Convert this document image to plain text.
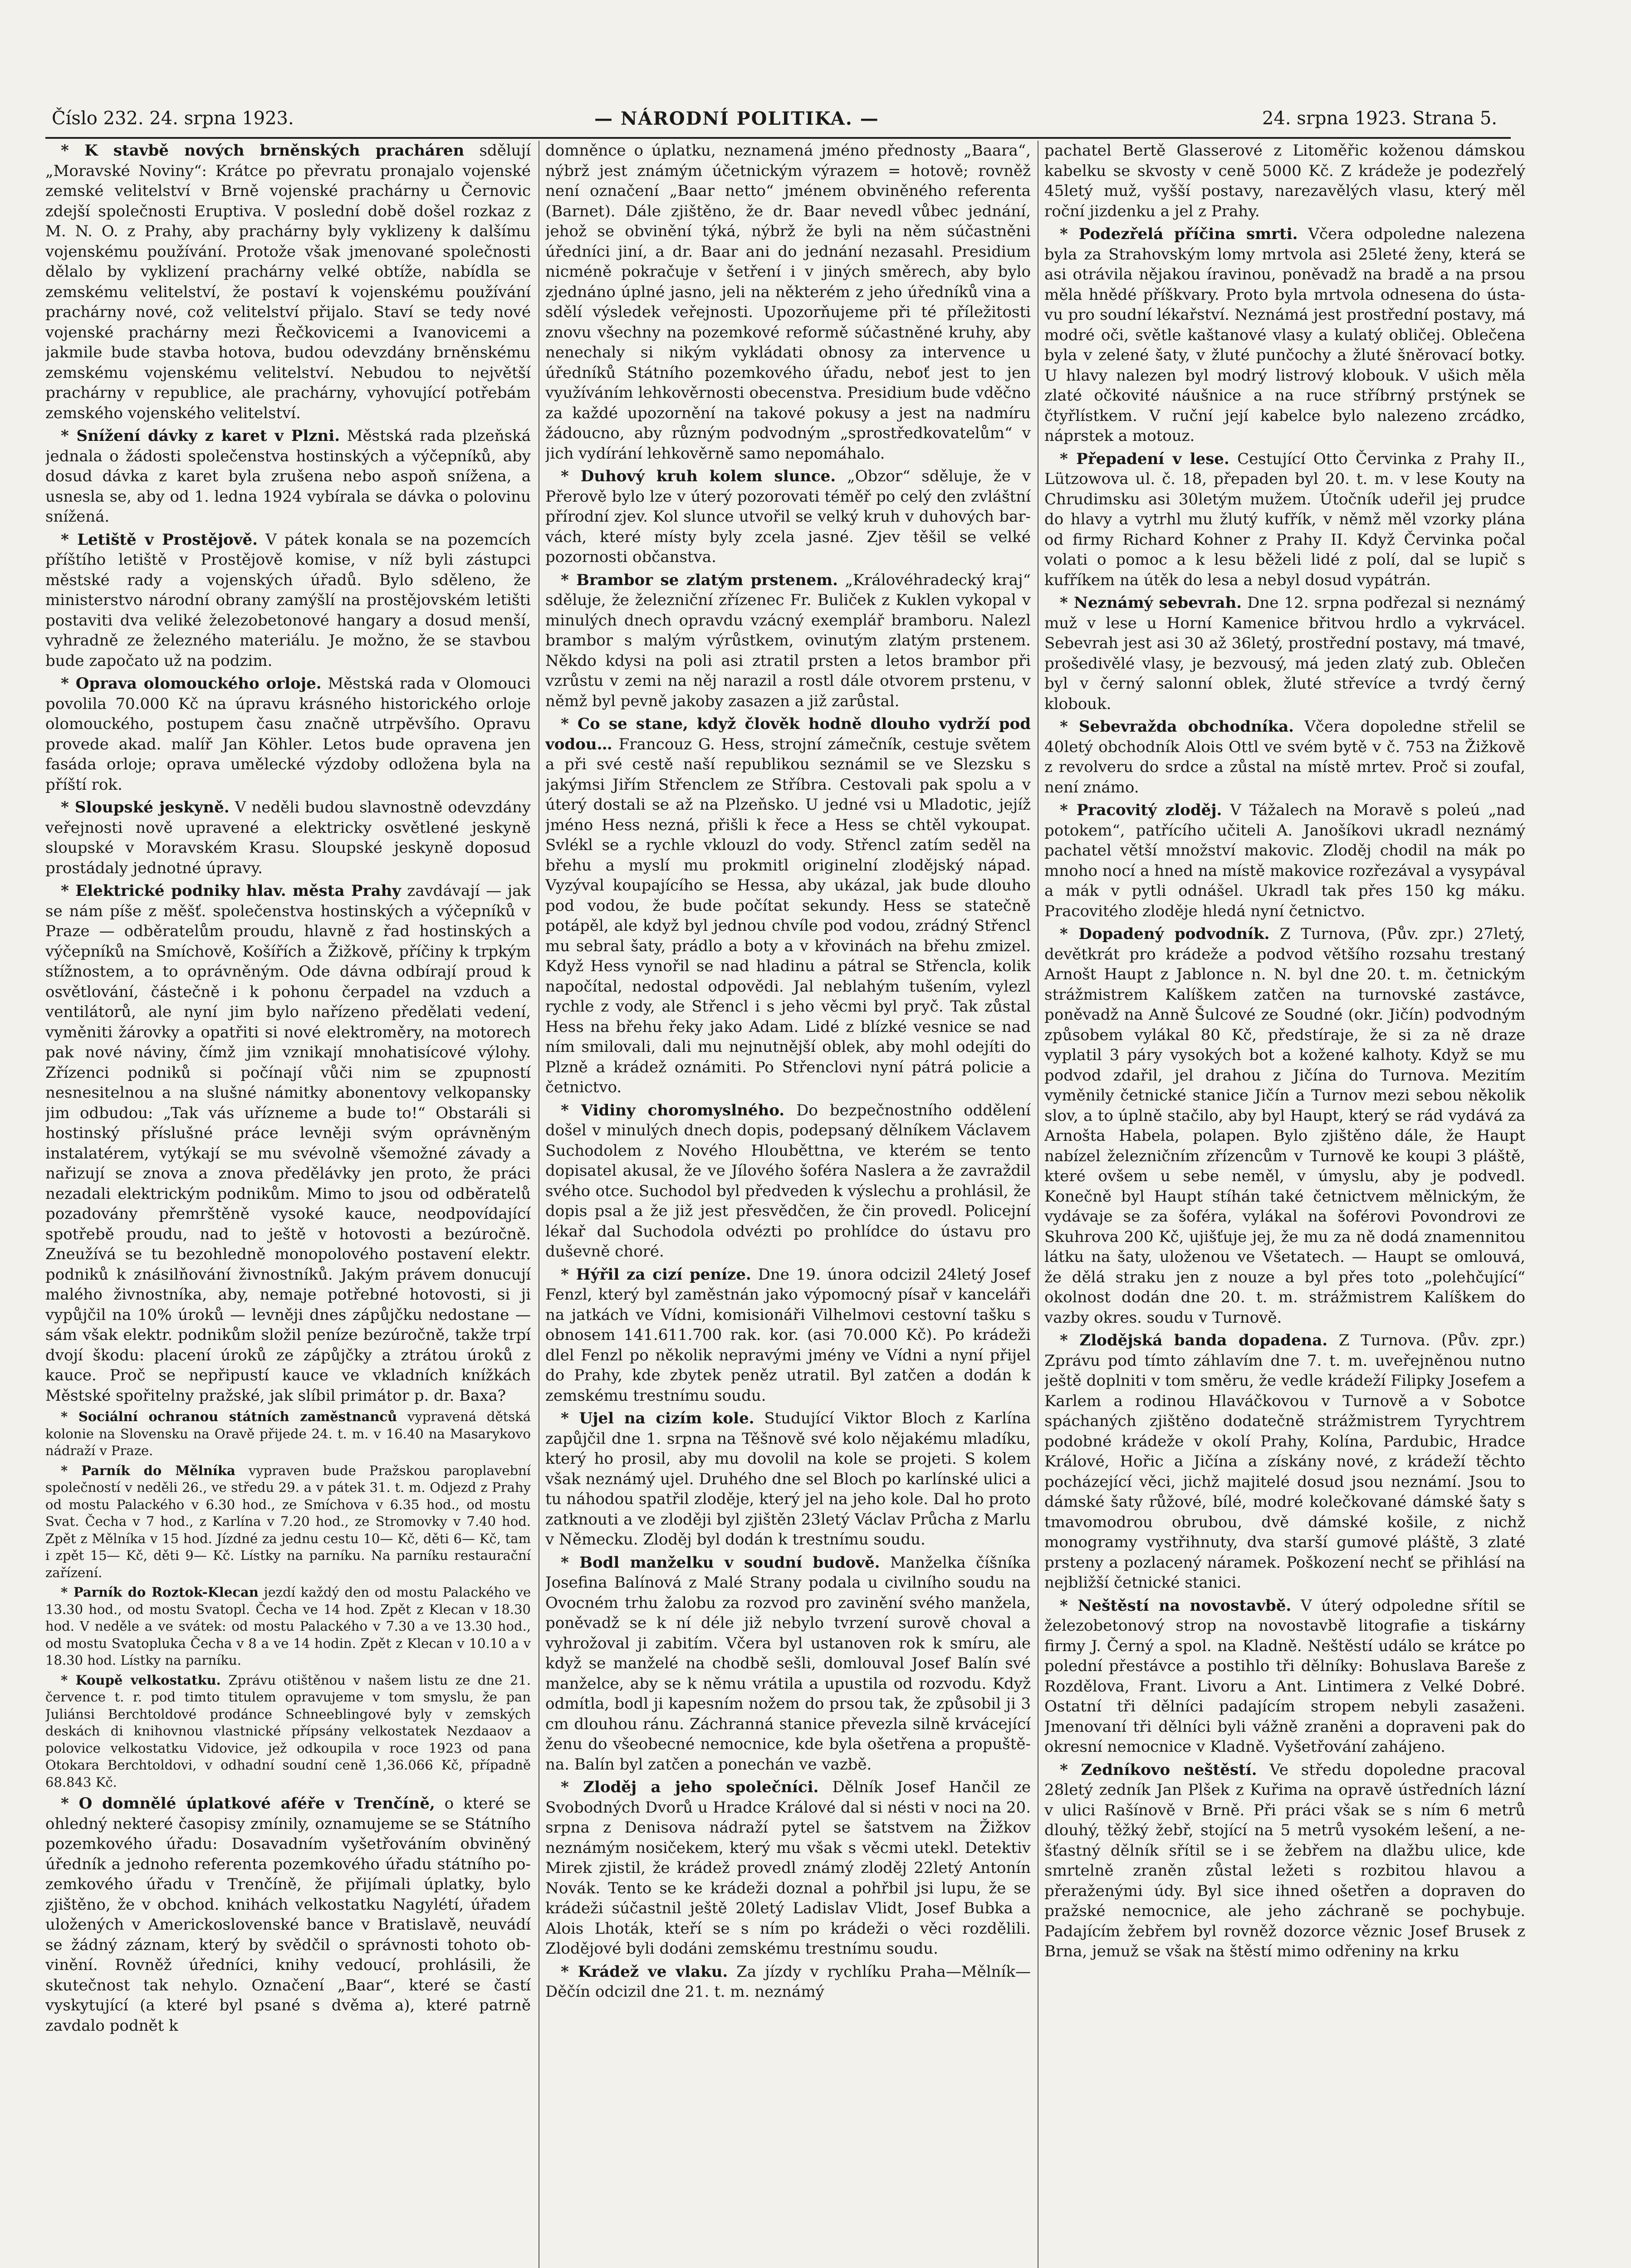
Číslo 232. 24. srpna 1923.	— NÁRODNÍ POLITIKA. —	24. srpna 1923. Strana 5.

* K stavbě nových brněnských pracháren sdělují „Moravské Noviny“: Krátce po převratu pronajalo vojenské zemské velitelství v Brně vojenské prachárny u Černovic zdejší společnosti Eruptiva. V poslední době došel rozkaz z M. N. O. z Prahy, aby prachárny byly vyklizeny k dalšímu vojenskému používání. Protože však jmenované společnosti dělalo by vyklizení prachárny velké obtíže, nabídla se zemskému velitelství, že postaví k vojenskému používání prachárny nové, což velitelství přijalo. Staví se tedy nové vojenské prachárny mezi Řečkovicemi a Ivanovicemi a jakmile bude stavba hotova, budou odevzdány brněnskému zemskému vojenskému velitelství. Nebudou to největší prachárny v republice, ale prachárny, vyhovující potřebám zemského vojenského velitelství.

* Snížení dávky z karet v Plzni. Městská rada plzeňská jednala o žádosti společenstva hostinských a výčepníků, aby dosud dávka z karet byla zrušena nebo aspoň snížena, a usnesla se, aby od 1. ledna 1924 vybírala se dávka o polovinu snížená.

* Letiště v Prostějově. V pátek konala se na pozemcích příštího letiště v Prostějově komise, v níž byli zástupci městské rady a vojenských úřadů. Bylo sděleno, že ministerstvo národní obrany zamýšlí na prostějovském letišti postaviti dva veliké železobetonové hangary a dosud menší, vyhradně ze železného materiálu. Je možno, že se stavbou bude započato už na podzim.

* Oprava olomouckého orloje. Městská rada v Olomouci povolila 70.000 Kč na úpravu krásného historického orloje olomouckého, postupem času značně utrpěvšího. Opravu provede akad. malíř Jan Köhler. Letos bude opravena jen fasáda orloje; oprava umělecké výzdoby odložena byla na příští rok.

* Sloupské jeskyně. V neděli budou slavnostně odevzdány veřejnosti nově upravené a elektricky osvětlené jeskyně sloupské v Moravském Krasu. Sloupské jeskyně doposud prostádaly jednotné úpravy.

* Elektrické podniky hlav. města Prahy zavdávají — jak se nám píše z měšť. společenstva hostinských a výčepníků v Praze — odběratelům proudu, hlavně z řad hostinských a výčepníků na Smíchově, Košířích a Žižkově, příčiny k trpkým stížnostem, a to oprávněným. Ode dávna odbírají proud k osvětlování, částečně i k pohonu čerpadel na vzduch a ventilátorů, ale nyní jim bylo nařízeno předělati vedení, vyměniti žárovky a opatřiti si nové elektroměry, na motorech pak nové náviny, čímž jim vznikají mnohatisícové výlohy. Zřízenci podniků si počínají vůči nim se zpupností nesnesitelnou a na slušné námitky abonentovy velkopansky jim odbudou: „Tak vás uřízneme a bude to!“ Obstaráli si hostinský příslušné práce levněji svým oprávněným instalatérem, vytýkají se mu svévolně všemožné závady a nařizují se znova a znova předělávky jen proto, že práci nezadali elektrickým podnikům. Mimo to jsou od odběratelů pozadovány přemrštěně vysoké kauce, neodpovídající spotřebě proudu, nad to ještě v hotovosti a bezúročně. Zneužívá se tu bezohledně monopolového postavení elektr. podniků k znásilňování živnostníků. Jakým právem donucují malého živnostníka, aby, nemaje potřebné hotovosti, si ji vypůjčil na 10% úroků — levněji dnes zápůjčku nedostane — sám však elektr. podnikům složil peníze bezúročně, takže trpí dvojí škodu: placení úroků ze zápůjčky a ztrátou úroků z kauce. Proč se nepřipustí kauce ve vkladních knížkách Městské spořitelny pražské, jak slíbil primátor p. dr. Baxa?

* Sociální ochranou státních zaměstnanců vypravená dětská kolonie na Slovensku na Oravě přijede 24. t. m. v 16.40 na Masarykovo nádraží v Praze.

* Parník do Mělníka vypraven bude Pražskou paroplavební společností v neděli 26., ve středu 29. a v pátek 31. t. m. Odjezd z Prahy od mostu Palackého v 6.30 hod., ze Smíchova v 6.35 hod., od mostu Svat. Čecha v 7 hod., z Karlína v 7.20 hod., ze Stromovky v 7.40 hod. Zpět z Mělníka v 15 hod. Jízdné za jednu cestu 10— Kč, děti 6— Kč, tam i zpět 15— Kč, děti 9— Kč. Lístky na parníku. Na parníku restaurační zařízení.

* Parník do Roztok-Klecan jezdí každý den od mostu Palackého ve 13.30 hod., od mostu Svatopl. Čecha ve 14 hod. Zpět z Klecan v 18.30 hod. V neděle a ve svátek: od mostu Palackého v 7.30 a ve 13.30 hod., od mostu Svatopluka Čecha v 8 a ve 14 hodin. Zpět z Klecan v 10.10 a v 18.30 hod. Lístky na parníku.

* Koupě velkostatku. Zprávu otištěnou v našem listu ze dne 21. července t. r. pod timto titulem opravujeme v tom smyslu, že pan Juliánsi Berchtoldové prodánce Schneeblingové byly v zemských deskách di knihovnou vlastnické přípsány velkostatek Nezdaaov a polovice velkostatku Vidovice, jež odkoupila v roce 1923 od pana Otokara Berchtoldovi, v odhadní soudní ceně 1,36.066 Kč, případně 68.843 Kč.

* O domnělé úplatkové aféře v Trenčíně, o které se ohledný nekteré časopisy zmínily, oznamujeme se se Státního pozemkového úřadu: Dosavadním vyšetřováním obviněný úředník a jednoho referenta pozemkového úřadu státního pozemkového úřadu v Trenčíně, že přijímali úplatky, bylo zjištěno, že v obchod. knihách velkostatku Nagylétí, úřadem uložených v Americkoslovenské bance v Bratislavě, neuvádí se žádný záznam, který by svědčil o správnosti tohoto obvinění. Rovněž úředníci, knihy vedoucí, prohlásili, že skutečnost tak nehylo. Označení „Baar“, které se častí vyskytující (a které byl psané s dvěma a), které patrně zavdalo podnět k

domněnce o úplatku, neznamená jméno přednosty „Baara“, nýbrž jest známým účetnickým výrazem = hotově; rovněž není označení „Baar netto“ jménem obviněného referenta (Barnet). Dále zjištěno, že dr. Baar nevedl vůbec jednání, jehož se obvinění týká, nýbrž že byli na něm súčastněni úředníci jiní, a dr. Baar ani do jednání nezasahl. Presidium nicméně pokračuje v šetření i v jiných směrech, aby bylo zjednáno úplné jasno, jeli na některém z jeho úředníků vina a sdělí výsledek veřejnosti. Upozorňujeme při té příležitosti znovu všechny na pozemkové reformě súčastněné kruhy, aby nenechaly si nikým vykládati obnosy za intervence u úředníků Státního pozemkového úřadu, neboť jest to jen využíváním lehkověrnosti obecenstva. Presidium bude vděčno za každé upozornění na takové pokusy a jest na nadmíru žádoucno, aby různým podvodným „sprostředkovatelům“ v jich vydírání lehkověrně samo nepomáhalo.

* Duhový kruh kolem slunce. „Obzor“ sděluje, že v Přerově bylo lze v úterý pozorovati téměř po celý den zvláštní přírodní zjev. Kol slunce utvořil se velký kruh v duhových barvách, které místy byly zcela jasné. Zjev těšil se velké pozornosti občanstva.

* Brambor se zlatým prstenem. „Královéhradecký kraj“ sděluje, že železniční zřízenec Fr. Buliček z Kuklen vykopal v minulých dnech opravdu vzácný exemplář bramboru. Nalezl brambor s malým výrůstkem, ovinutým zlatým prstenem. Někdo kdysi na poli asi ztratil prsten a letos brambor při vzrůstu v zemi na něj narazil a rostl dále otvorem prstenu, v němž byl pevně jakoby zasazen a již zarůstal.

* Co se stane, když člověk hodně dlouho vydrží pod vodou… Francouz G. Hess, strojní zámečník, cestuje světem a při své cestě naší republikou seznámil se ve Slezsku s jakýmsi Jiřím Střenclem ze Stříbra. Cestovali pak spolu a v úterý dostali se až na Plzeňsko. U jedné vsi u Mladotic, jejíž jméno Hess nezná, přišli k řece a Hess se chtěl vykoupat. Svlékl se a rychle vklouzl do vody. Střencl zatím seděl na břehu a myslí mu prokmitl originelní zlodějský nápad. Vyzýval koupajícího se Hessa, aby ukázal, jak bude dlouho pod vodou, že bude počítat sekundy. Hess se statečně potápěl, ale když byl jednou chvíle pod vodou, zrádný Střencl mu sebral šaty, prádlo a boty a v křovinách na břehu zmizel. Když Hess vynořil se nad hladinu a pátral se Střencla, kolik napočítal, nedostal odpovědi. Jal neblahým tušením, vylezl rychle z vody, ale Střencl i s jeho věcmi byl pryč. Tak zůstal Hess na břehu řeky jako Adam. Lidé z blízké vesnice se nad ním smilovali, dali mu nejnutnější oblek, aby mohl odejíti do Plzně a krádež oznámiti. Po Střenclovi nyní pátrá policie a četnictvo.

* Vidiny choromyslného. Do bezpečnostního oddělení došel v minulých dnech dopis, podepsaný dělníkem Václavem Suchodolem z Nového Hlouběttna, ve kterém se tento dopisatel akusal, že ve Jílového šoféra Naslera a že zavraždil svého otce. Suchodol byl předveden k výslechu a prohlásil, že dopis psal a že již jest přesvědčen, že čin provedl. Policejní lékař dal Suchodola odvézti po prohlídce do ústavu pro duševně choré.

* Hýřil za cizí peníze. Dne 19. února odcizil 24letý Josef Fenzl, který byl zaměstnán jako výpomocný písař v kanceláři na jatkách ve Vídni, komisionáři Vilhelmovi cestovní tašku s obnosem 141.611.700 rak. kor. (asi 70.000 Kč). Po krádeži dlel Fenzl po několik nepravými jmény ve Vídni a nyní přijel do Prahy, kde zbytek peněz utratil. Byl zatčen a dodán k zemskému trestnímu soudu.

* Ujel na cizím kole. Studující Viktor Bloch z Karlína zapůjčil dne 1. srpna na Těšnově své kolo nějakému mladíku, který ho prosil, aby mu dovolil na kole se projeti. S kolem však neznámý ujel. Druhého dne sel Bloch po karlínské ulici a tu náhodou spatřil zloděje, který jel na jeho kole. Dal ho proto zatknouti a ve zloději byl zjištěn 23letý Václav Průcha z Marlu v Německu. Zloděj byl dodán k trestnímu soudu.

* Bodl manželku v soudní budově. Manželka číšníka Josefina Balínová z Malé Strany podala u civilního soudu na Ovocném trhu žalobu za rozvod pro zavinění svého manžela, poněvadž se k ní déle již nebylo tvrzení surově choval a vyhrožoval ji zabitím. Včera byl ustanoven rok k smíru, ale když se manželé na chodbě sešli, domlouval Josef Balín své manželce, aby se k němu vrátila a upustila od rozvodu. Když odmítla, bodl ji kapesním nožem do prsou tak, že způsobil ji 3 cm dlouhou ránu. Záchranná stanice převezla silně krvácející ženu do všeobecné nemocnice, kde byla ošetřena a propuštěna. Balín byl zatčen a ponechán ve vazbě.

* Zloděj a jeho společníci. Dělník Josef Hančil ze Svobodných Dvorů u Hradce Králové dal si nésti v noci na 20. srpna z Denisova nádraží pytel se šatstvem na Žižkov neznámým nosičekem, který mu však s věcmi utekl. Detektiv Mirek zjistil, že krádež provedl známý zloděj 22letý Antonín Novák. Tento se ke krádeži doznal a pohřbil jsi lupu, že se krádeži súčastnil ještě 20letý Ladislav Vlidt, Josef Bubka a Alois Lhoták, kteří se s ním po krádeži o věci rozdělili. Zlodějové byli dodáni zemskému trestnímu soudu.

* Krádež ve vlaku. Za jízdy v rychlíku Praha—Mělník—Děčín odcizil dne 21. t. m. neznámý

pachatel Bertě Glasserové z Litoměřic koženou dámskou kabelku se skvosty v ceně 5000 Kč. Z krádeže je podezřelý 45letý muž, vyšší postavy, narezavělých vlasu, který měl roční jizdenku a jel z Prahy.

* Podezřelá příčina smrti. Včera odpoledne nalezena byla za Strahovským lomy mrtvola asi 25leté ženy, která se asi otrávila nějakou íravinou, poněvadž na bradě a na prsou měla hnědé příškvary. Proto byla mrtvola odnesena do ústavu pro soudní lékařství. Neznámá jest prostřední postavy, má modré oči, světle kaštanové vlasy a kulatý obličej. Oblečena byla v zelené šaty, v žluté punčochy a žluté šněrovací botky. U hlavy nalezen byl modrý listrový klobouk. V ušich měla zlaté očkovité náušnice a na ruce stříbrný prstýnek se čtyřlístkem. V ruční její kabelce bylo nalezeno zrcádko, náprstek a motouz.

* Přepadení v lese. Cestující Otto Červinka z Prahy II., Lützowova ul. č. 18, přepaden byl 20. t. m. v lese Kouty na Chrudimsku asi 30letým mužem. Útočník udeřil jej prudce do hlavy a vytrhl mu žlutý kufřík, v němž měl vzorky plána od firmy Richard Kohner z Prahy II. Když Červinka počal volati o pomoc a k lesu běželi lidé z polí, dal se lupič s kufříkem na útěk do lesa a nebyl dosud vypátrán.

* Neznámý sebevrah. Dne 12. srpna podřezal si neznámý muž v lese u Horní Kamenice břitvou hrdlo a vykrvácel. Sebevrah jest asi 30 až 36letý, prostřední postavy, má tmavé, prošedivělé vlasy, je bezvousý, má jeden zlatý zub. Oblečen byl v černý salonní oblek, žluté střevíce a tvrdý černý klobouk.

* Sebevražda obchodníka. Včera dopoledne střelil se 40letý obchodník Alois Ottl ve svém bytě v č. 753 na Žižkově z revolveru do srdce a zůstal na místě mrtev. Proč si zoufal, není známo.

* Pracovitý zloděj. V Tážalech na Moravě s poleú „nad potokem“, patřícího učiteli A. Janošíkovi ukradl neznámý pachatel větší množství makovic. Zloděj chodil na mák po mnoho nocí a hned na místě makovice rozřezával a vysypával a mák v pytli odnášel. Ukradl tak přes 150 kg máku. Pracovitého zloděje hledá nyní četnictvo.

* Dopadený podvodník. Z Turnova, (Pův. zpr.) 27letý, devětkrát pro krádeže a podvod většího rozsahu trestaný Arnošt Haupt z Jablonce n. N. byl dne 20. t. m. četnickým strážmistrem Kalíškem zatčen na turnovské zastávce, poněvadž na Anně Šulcové ze Soudné (okr. Jičín) podvodným způsobem vylákal 80 Kč, předstíraje, že si za ně draze vyplatil 3 páry vysokých bot a kožené kalhoty. Když se mu podvod zdařil, jel drahou z Jičína do Turnova. Mezitím vyměnily četnické stanice Jičín a Turnov mezi sebou několik slov, a to úplně stačilo, aby byl Haupt, který se rád vydává za Arnošta Habela, polapen. Bylo zjištěno dále, že Haupt nabízel železničním zřízencům v Turnově ke koupi 3 pláště, které ovšem u sebe neměl, v úmyslu, aby je podvedl. Konečně byl Haupt stíhán také četnictvem mělnickým, že vydávaje se za šoféra, vylákal na šoférovi Povondrovi ze Skuhrova 200 Kč, ujišťuje jej, že mu za ně dodá znamennitou látku na šaty, uloženou ve Všetatech. — Haupt se omlouvá, že dělá straku jen z nouze a byl přes toto „polehčující“ okolnost dodán dne 20. t. m. strážmistrem Kalíškem do vazby okres. soudu v Turnově.

* Zlodějská banda dopadena. Z Turnova. (Pův. zpr.) Zprávu pod tímto záhlavím dne 7. t. m. uveřejněnou nutno ještě doplniti v tom směru, že vedle krádeží Filipky Josefem a Karlem a rodinou Hlaváčkovou v Turnově a v Sobotce spáchaných zjištěno dodatečně strážmistrem Tyrychtrem podobné krádeže v okolí Prahy, Kolína, Pardubic, Hradce Králové, Hořic a Jičína a získány nové, z krádeží těchto pocházející věci, jichž majitelé dosud jsou neznámí. Jsou to dámské šaty růžové, bílé, modré kolečkované dámské šaty s tmavomodrou obrubou, dvě dámské košile, z nichž monogramy vystřihnuty, dva starší gumové pláště, 3 zlaté prsteny a pozlacený náramek. Poškození nechť se přihlásí na nejbližší četnické stanici.

* Neštěstí na novostavbě. V úterý odpoledne sřítil se železobetonový strop na novostavbě litografie a tiskárny firmy J. Černý a spol. na Kladně. Neštěstí událo se krátce po polední přestávce a postihlo tři dělníky: Bohuslava Bareše z Rozdělova, Frant. Livoru a Ant. Lintimera z Velké Dobré. Ostatní tři dělníci padajícím stropem nebyli zasaženi. Jmenovaní tři dělníci byli vážně zraněni a dopraveni pak do okresní nemocnice v Kladně. Vyšetřování zahájeno.

* Zedníkovo neštěstí. Ve středu dopoledne pracoval 28letý zedník Jan Plšek z Kuřima na opravě ústředních lázní v ulici Rašínově v Brně. Při práci však se s ním 6 metrů dlouhý, těžký žebř, stojící na 5 metrů vysokém lešení, a nešťastný dělník sřítil se i se žebřem na dlažbu ulice, kde smrtelně zraněn zůstal ležeti s rozbitou hlavou a přeraženými údy. Byl sice ihned ošetřen a dopraven do pražské nemocnice, ale jeho záchraně se pochybuje. Padajícím žebřem byl rovněž dozorce věznic Josef Brusek z Brna, jemuž se však na štěstí mimo odřeniny na krku
